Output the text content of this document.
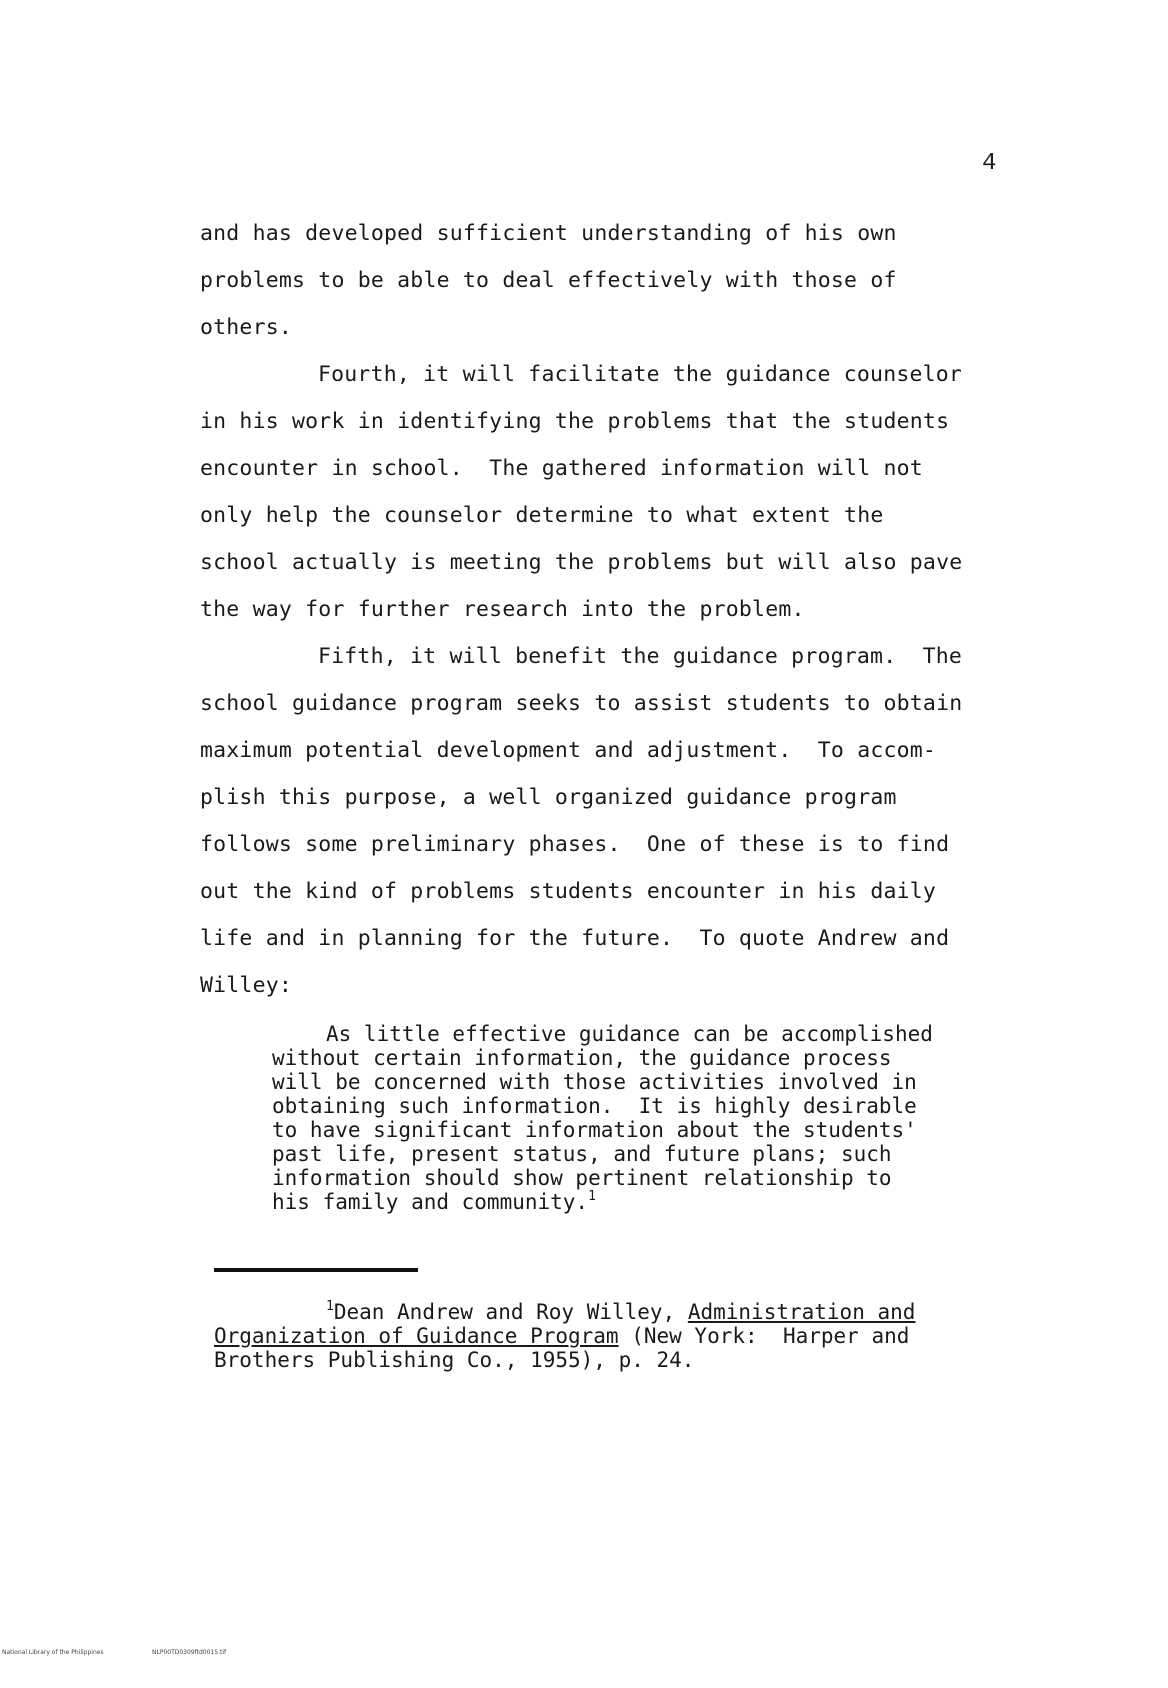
4
and has developed sufficient understanding of his own
problems to be able to deal effectively with those of
others.
Fourth, it will facilitate the guidance counselor
in his work in identifying the problems that the students
encounter in school.  The gathered information will not
only help the counselor determine to what extent the
school actually is meeting the problems but will also pave
the way for further research into the problem.
Fifth, it will benefit the guidance program.  The
school guidance program seeks to assist students to obtain
maximum potential development and adjustment.  To accom-
plish this purpose, a well organized guidance program
follows some preliminary phases.  One of these is to find
out the kind of problems students encounter in his daily
life and in planning for the future.  To quote Andrew and
Willey:
As little effective guidance can be accomplished
without certain information, the guidance process
will be concerned with those activities involved in
obtaining such information.  It is highly desirable
to have significant information about the students'
past life, present status, and future plans; such
information should show pertinent relationship to
his family and community.$^1$
$^1$Dean Andrew and Roy Willey, Administration and
Organization of Guidance Program (New York:  Harper and
Brothers Publishing Co., 1955), p. 24.

National Library of the Philippines

	NLP00TD0309ftd0015.tif
